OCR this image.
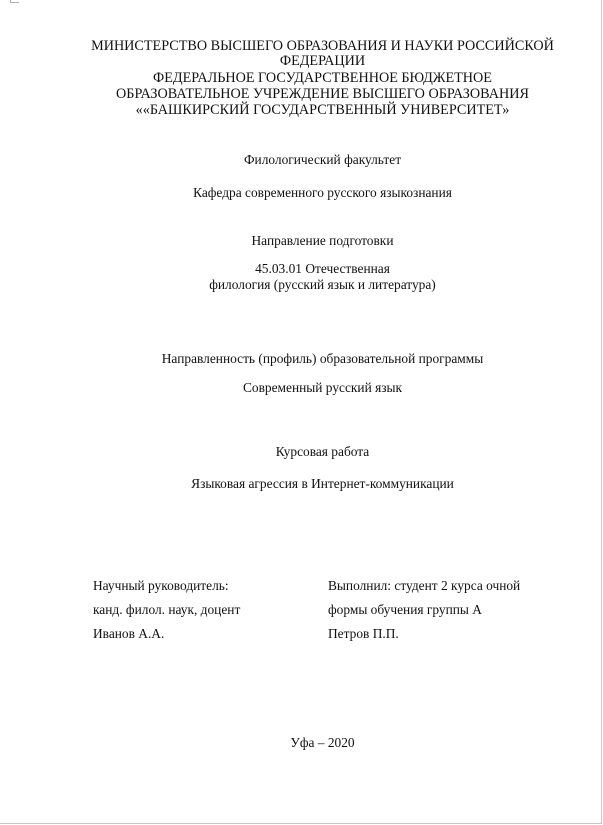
МИНИСТЕРСТВО ВЫСШЕГО ОБРАЗОВАНИЯ И НАУКИ РОССИЙСКОЙ
ФЕДЕРАЦИИ
ФЕДЕРАЛЬНОЕ ГОСУДАРСТВЕННОЕ БЮДЖЕТНОЕ
ОБРАЗОВАТЕЛЬНОЕ УЧРЕЖДЕНИЕ ВЫСШЕГО ОБРАЗОВАНИЯ
««БАШКИРСКИЙ ГОСУДАРСТВЕННЫЙ УНИВЕРСИТЕТ»
Филологический факультет
Кафедра современного русского языкознания
Направление подготовки
45.03.01 Отечественная
филология (русский язык и литература)
Направленность (профиль) образовательной программы
Современный русский язык
Курсовая работа
Языковая агрессия в Интернет-коммуникации
Научный руководитель:
канд. филол. наук, доцент
Иванов А.А.
Выполнил: студент 2 курса очной
формы обучения группы А
Петров П.П.
Уфа – 2020
